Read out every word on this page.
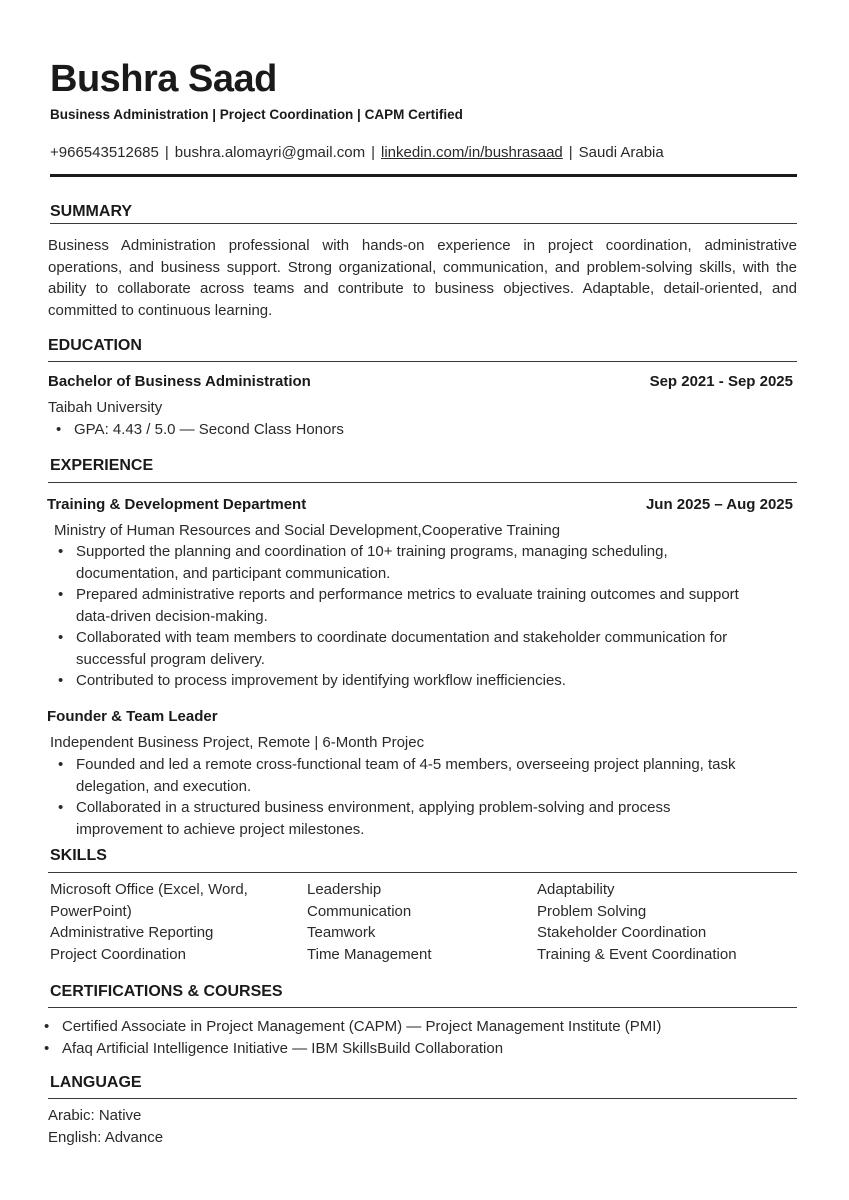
Bushra Saad
Business Administration | Project Coordination | CAPM Certified
+966543512685 | bushra.alomayri@gmail.com | linkedin.com/in/bushrasaad | Saudi Arabia
SUMMARY

Business Administration professional with hands-on experience in project coordination, administrative operations, and business support. Strong organizational, communication, and problem-solving skills, with the ability to collaborate across teams and contribute to business objectives. Adaptable, detail-oriented, and committed to continuous learning.

EDUCATION
Bachelor of Business Administration	Sep 2021 - Sep 2025
Taibah University
• GPA: 4.43 / 5.0 — Second Class Honors
EXPERIENCE
Training & Development Department	Jun 2025 – Aug 2025
Ministry of Human Resources and Social Development,Cooperative Training
• Supported the planning and coordination of 10+ training programs, managing scheduling, documentation, and participant communication.
• Prepared administrative reports and performance metrics to evaluate training outcomes and support data-driven decision-making.
• Collaborated with team members to coordinate documentation and stakeholder communication for successful program delivery.
• Contributed to process improvement by identifying workflow inefficiencies.
Founder & Team Leader
Independent Business Project, Remote | 6-Month Projec
• Founded and led a remote cross-functional team of 4-5 members, overseeing project planning, task delegation, and execution.
• Collaborated in a structured business environment, applying problem-solving and process improvement to achieve project milestones.
SKILLS
Microsoft Office (Excel, Word, PowerPoint)
Administrative Reporting
Project Coordination
Leadership
Communication
Teamwork
Time Management
Adaptability
Problem Solving
Stakeholder Coordination
Training & Event Coordination
CERTIFICATIONS & COURSES
• Certified Associate in Project Management (CAPM) — Project Management Institute (PMI)
• Afaq Artificial Intelligence Initiative — IBM SkillsBuild Collaboration
LANGUAGE
Arabic: Native
English: Advance
